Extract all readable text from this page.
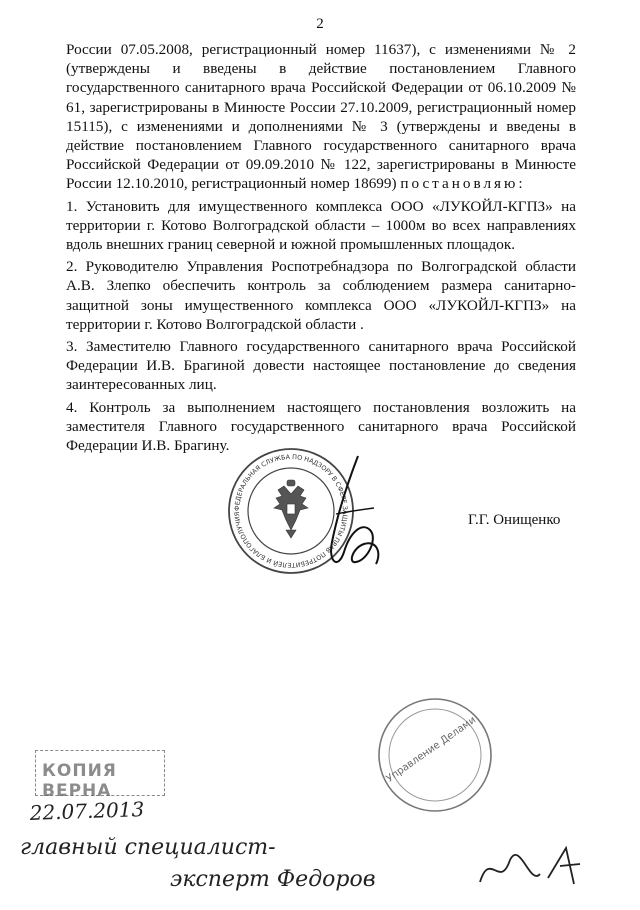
2

России 07.05.2008, регистрационный номер 11637), с изменениями № 2 (утверждены и введены в действие постановлением Главного государственного санитарного врача Российской Федерации от 06.10.2009 № 61, зарегистрированы в Минюсте России 27.10.2009, регистрационный номер 15115), с изменениями и дополнениями № 3 (утверждены и введены в действие постановлением Главного государственного санитарного врача Российской Федерации от 09.09.2010 № 122, зарегистрированы в Минюсте России 12.10.2010, регистрационный номер 18699) постановляю:

1. Установить для имущественного комплекса ООО «ЛУКОЙЛ-КГПЗ» на территории г. Котово Волгоградской области – 1000м во всех направлениях вдоль внешних границ северной и южной промышленных площадок.

2. Руководителю Управления Роспотребнадзора по Волгоградской области А.В. Злепко обеспечить контроль за соблюдением размера санитарно-защитной зоны имущественного комплекса ООО «ЛУКОЙЛ-КГПЗ» на территории г. Котово Волгоградской области .

3. Заместителю Главного государственного санитарного врача Российской Федерации И.В. Брагиной довести настоящее постановление до сведения заинтересованных лиц.

4. Контроль за выполнением настоящего постановления возложить на заместителя Главного государственного санитарного врача Российской Федерации И.В. Брагину.

ФЕДЕРАЛЬНАЯ СЛУЖБА ПО НАДЗОРУ В СФЕРЕ ЗАЩИТЫ ПРАВ ПОТРЕБИТЕЛЕЙ И БЛАГОПОЛУЧИЯ	Г.Г. Онищенко
Управление Делами
КОПИЯ ВЕРНА
22.07.2013
главный специалист-
эксперт Федоров
